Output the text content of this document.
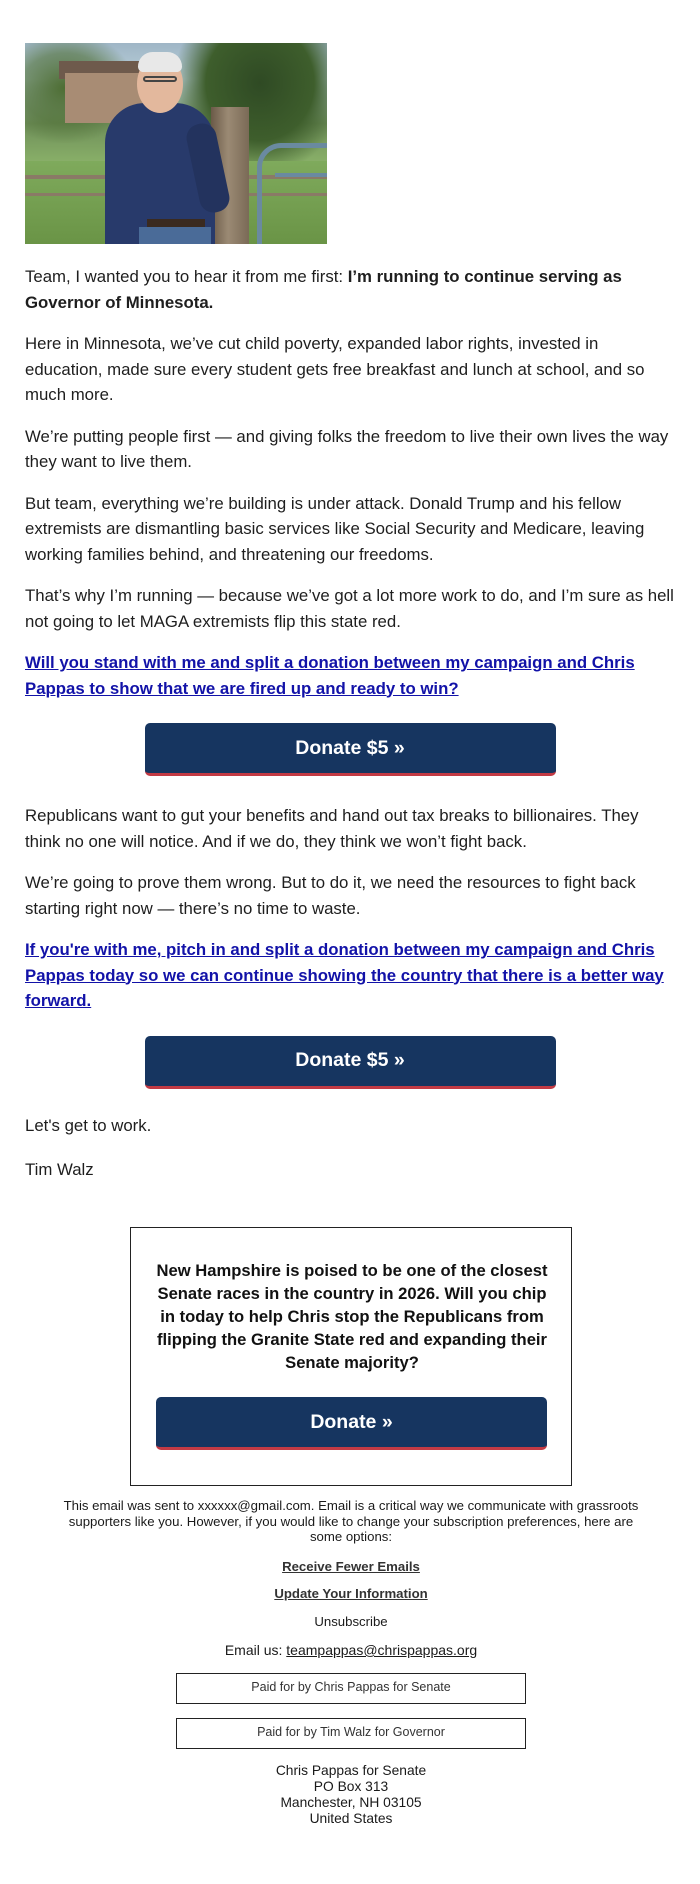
Team, I wanted you to hear it from me first: I’m running to continue serving as Governor of Minnesota.

Here in Minnesota, we’ve cut child poverty, expanded labor rights, invested in education, made sure every student gets free breakfast and lunch at school, and so much more.

We’re putting people first — and giving folks the freedom to live their own lives the way they want to live them.

But team, everything we’re building is under attack. Donald Trump and his fellow extremists are dismantling basic services like Social Security and Medicare, leaving working families behind, and threatening our freedoms.

That’s why I’m running — because we’ve got a lot more work to do, and I’m sure as hell not going to let MAGA extremists flip this state red.

Will you stand with me and split a donation between my campaign and Chris Pappas to show that we are fired up and ready to win?
Donate $5 »

Republicans want to gut your benefits and hand out tax breaks to billionaires. They think no one will notice. And if we do, they think we won’t fight back.

We’re going to prove them wrong. But to do it, we need the resources to fight back starting right now — there’s no time to waste.

If you're with me, pitch in and split a donation between my campaign and Chris Pappas today so we can continue showing the country that there is a better way forward.
Donate $5 »

Let's get to work.

Tim Walz

New Hampshire is poised to be one of the closest Senate races in the country in 2026. Will you chip in today to help Chris stop the Republicans from flipping the Granite State red and expanding their Senate majority?
Donate »
This email was sent to xxxxxx@gmail.com. Email is a critical way we communicate with grassroots supporters like you. However, if you would like to change your subscription preferences, here are some options:
Receive Fewer Emails
Update Your Information
Unsubscribe
Email us: teampappas@chrispappas.org
Paid for by Chris Pappas for Senate
Paid for by Tim Walz for Governor
Chris Pappas for Senate
PO Box 313
Manchester, NH 03105
United States
